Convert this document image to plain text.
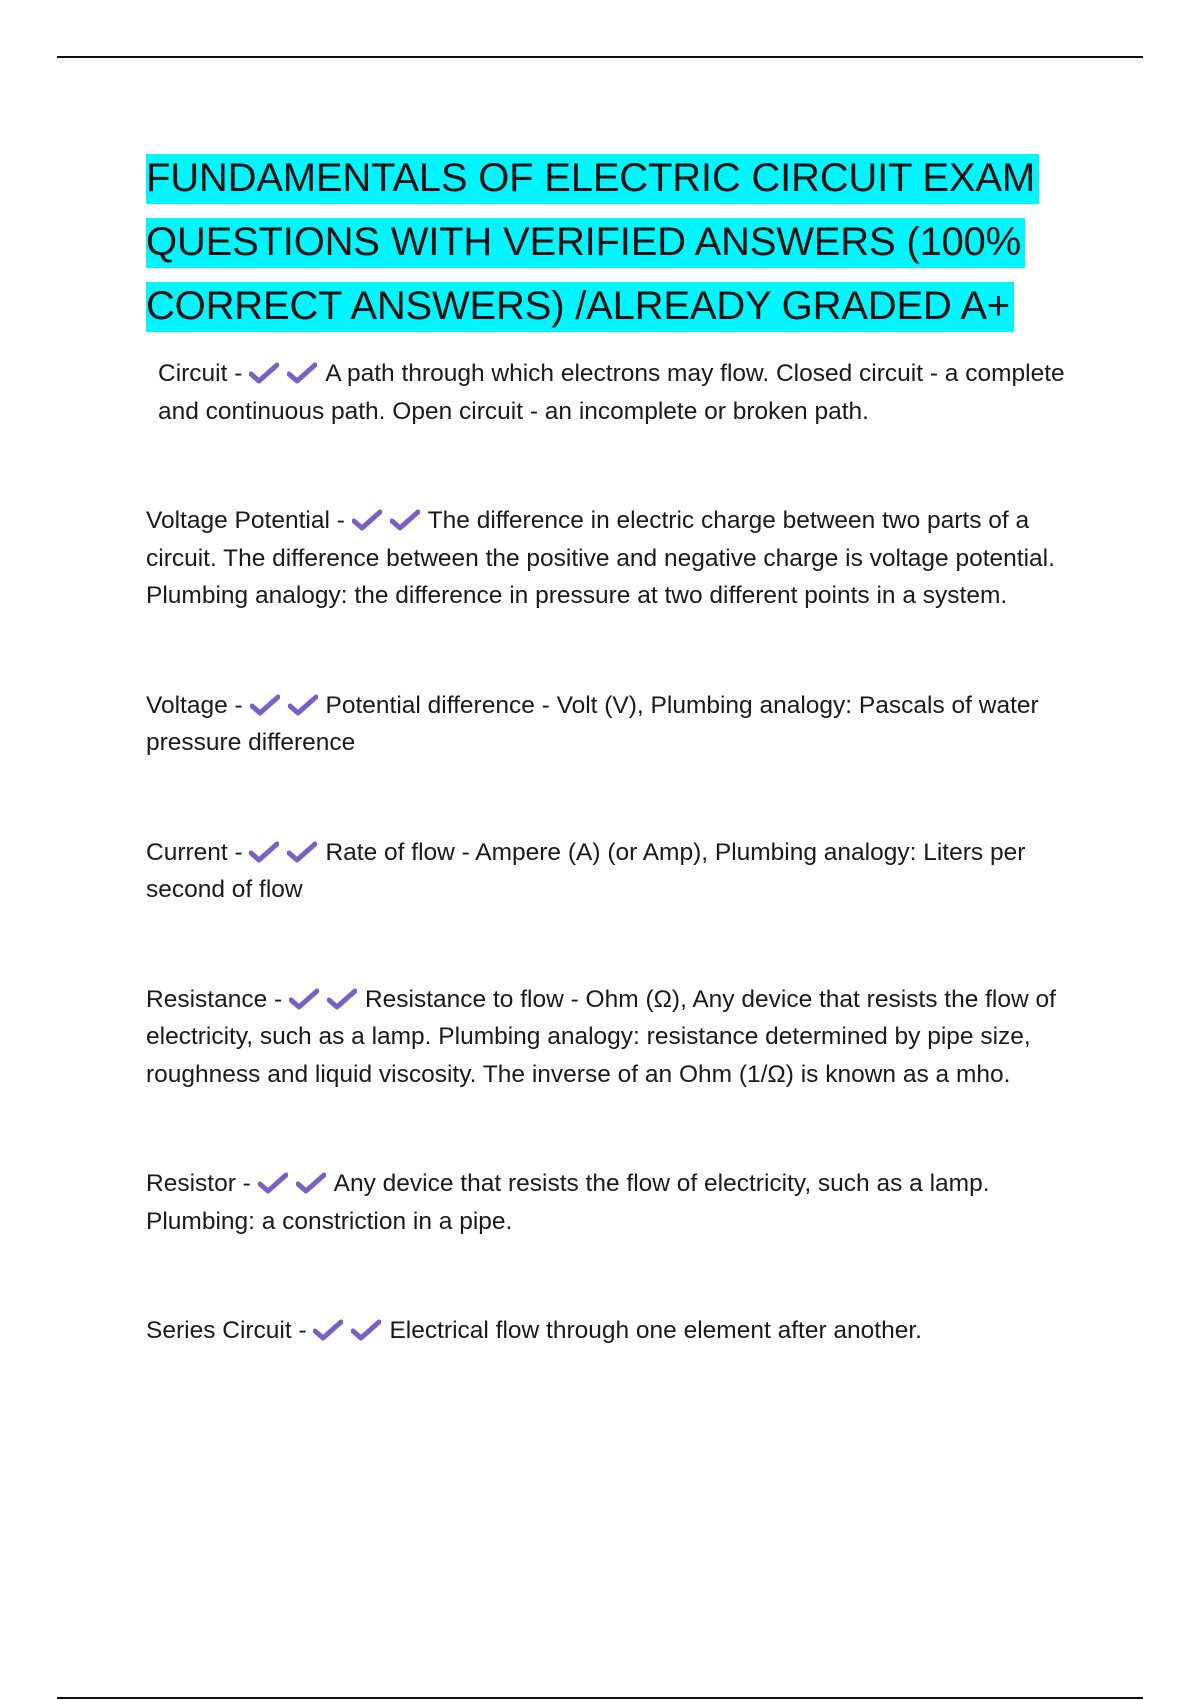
FUNDAMENTALS OF ELECTRIC CIRCUIT EXAM QUESTIONS WITH VERIFIED ANSWERS (100% CORRECT ANSWERS) /ALREADY GRADED A+

Circuit -	A path through which electrons may flow. Closed circuit - a complete and continuous path. Open circuit - an incomplete or broken path.

Voltage Potential -	The difference in electric charge between two parts of a circuit. The difference between the positive and negative charge is voltage potential. Plumbing analogy: the difference in pressure at two different points in a system.

Voltage -	Potential difference - Volt (V), Plumbing analogy: Pascals of water pressure difference

Current -	Rate of flow - Ampere (A) (or Amp), Plumbing analogy: Liters per second of flow

Resistance -	Resistance to flow - Ohm (Ω), Any device that resists the flow of electricity, such as a lamp. Plumbing analogy: resistance determined by pipe size, roughness and liquid viscosity. The inverse of an Ohm (1/Ω) is known as a mho.

Resistor -	Any device that resists the flow of electricity, such as a lamp. Plumbing: a constriction in a pipe.

Series Circuit -	Electrical flow through one element after another.
